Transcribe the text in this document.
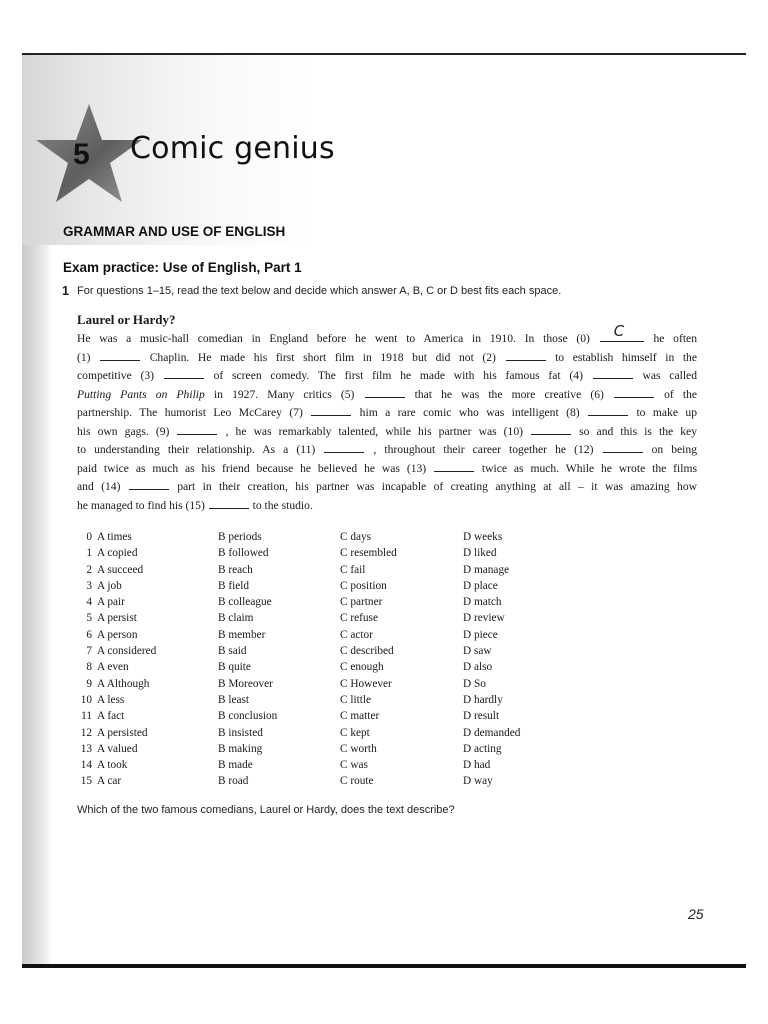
5 Comic genius
GRAMMAR AND USE OF ENGLISH
Exam practice: Use of English, Part 1
1 For questions 1–15, read the text below and decide which answer A, B, C or D best fits each space.
Laurel or Hardy?
He was a music-hall comedian in England before he went to America in 1910. In those (0) C he often
(1)	Chaplin. He made his first short film in 1918 but did not (2)	to establish himself in the
competitive (3)	of screen comedy. The first film he made with his famous fat (4)	was called
Putting Pants on Philip in 1927. Many critics (5)	that he was the more creative (6)	of the
partnership. The humorist Leo McCarey (7)	him a rare comic who was intelligent (8)	to make up
his own gags. (9)	, he was remarkably talented, while his partner was (10)	so and this is the key
to understanding their relationship. As a (11)	, throughout their career together he (12)	on being
paid twice as much as his friend because he believed he was (13)	twice as much. While he wrote the films
and (14)	part in their creation, his partner was incapable of creating anything at all – it was amazing how
he managed to find his (15)	to the studio.
0 A times	B periods	C days	D weeks
1 A copied	B followed	C resembled	D liked
2 A succeed	B reach	C fail	D manage
3 A job	B field	C position	D place
4 A pair	B colleague	C partner	D match
5 A persist	B claim	C refuse	D review
6 A person	B member	C actor	D piece
7 A considered	B said	C described	D saw
8 A even	B quite	C enough	D also
9 A Although	B Moreover	C However	D So
10 A less	B least	C little	D hardly
11 A fact	B conclusion	C matter	D result
12 A persisted	B insisted	C kept	D demanded
13 A valued	B making	C worth	D acting
14 A took	B made	C was	D had
15 A car	B road	C route	D way
Which of the two famous comedians, Laurel or Hardy, does the text describe?
25
